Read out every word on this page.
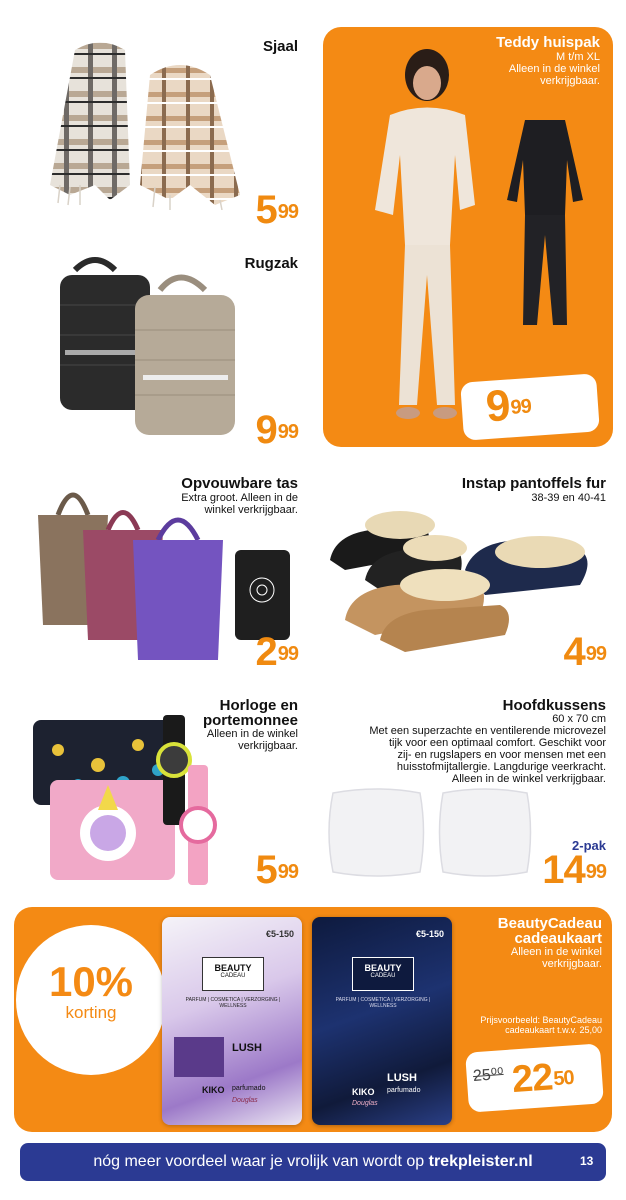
Sjaal
$5^{99}$
Teddy huispak
M t/m XL
Alleen in de winkel
verkrijgbaar.
$9^{99}$
Rugzak
$9^{99}$
Opvouwbare tas
Extra groot. Alleen in de
winkel verkrijgbaar.
$2^{99}$
Instap pantoffels fur
38-39 en 40-41
$4^{99}$
Horloge en
portemonnee
Alleen in de winkel
verkrijgbaar.
$5^{99}$
Hoofdkussens
60 x 70 cm
Met een superzachte en ventilerende microvezel
tijk voor een optimaal comfort. Geschikt voor
zij- en rugslapers en voor mensen met een
huisstofmijtallergie. Langdurige veerkracht.
Alleen in de winkel verkrijgbaar.
2-pak
$14^{99}$
10%
korting
€5-150
BEAUTY
CADEAU
PARFUM | COSMETICA | VERZORGING | WELLNESS
LUSH
KIKO parfumado
Douglas
€5-150
BEAUTY
CADEAU
PARFUM | COSMETICA | VERZORGING | WELLNESS
LUSH
KIKO parfumado
Douglas
BeautyCadeau
cadeaukaart
Alleen in de winkel
verkrijgbaar.
Prijsvoorbeeld: BeautyCadeau
cadeaukaart t.w.v. 25,00
25⁰⁰ $22^{50}$
nóg meer voordeel waar je vrolijk van wordt op trekpleister.nl	13
